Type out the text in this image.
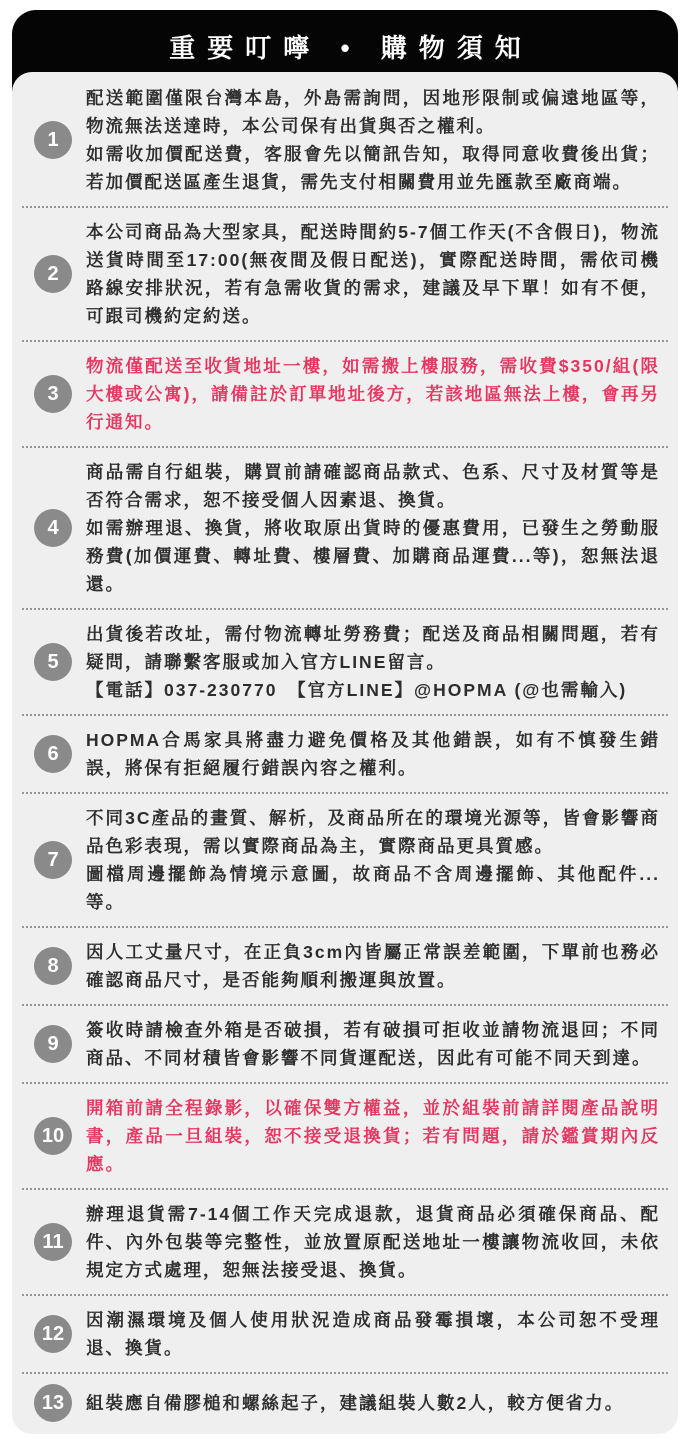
重要叮嚀 • 購物須知
1
配送範圍僅限台灣本島，外島需詢問，因地形限制或偏遠地區等，物流無法送達時，本公司保有出貨與否之權利。
如需收加價配送費，客服會先以簡訊告知，取得同意收費後出貨；若加價配送區產生退貨，需先支付相關費用並先匯款至廠商端。
2
本公司商品為大型家具，配送時間約5-7個工作天(不含假日)，物流送貨時間至17:00(無夜間及假日配送)，實際配送時間，需依司機路線安排狀況，若有急需收貨的需求，建議及早下單！如有不便，可跟司機約定約送。
3
物流僅配送至收貨地址一樓，如需搬上樓服務，需收費$350/組(限大樓或公寓)，請備註於訂單地址後方，若該地區無法上樓，會再另行通知。
4
商品需自行組裝，購買前請確認商品款式、色系、尺寸及材質等是否符合需求，恕不接受個人因素退、換貨。
如需辦理退、換貨，將收取原出貨時的優惠費用，已發生之勞動服務費(加價運費、轉址費、樓層費、加購商品運費...等)，恕無法退還。
5
出貨後若改址，需付物流轉址勞務費；配送及商品相關問題，若有疑問，請聯繫客服或加入官方LINE留言。
【電話】037-230770　【官方LINE】@HOPMA (@也需輸入)
6
HOPMA合馬家具將盡力避免價格及其他錯誤，如有不慎發生錯誤，將保有拒絕履行錯誤內容之權利。
7
不同3C產品的畫質、解析，及商品所在的環境光源等，皆會影響商品色彩表現，需以實際商品為主，實際商品更具質感。
圖檔周邊擺飾為情境示意圖，故商品不含周邊擺飾、其他配件...等。
8
因人工丈量尺寸，在正負3cm內皆屬正常誤差範圍，下單前也務必確認商品尺寸，是否能夠順利搬運與放置。
9
簽收時請檢查外箱是否破損，若有破損可拒收並請物流退回；不同商品、不同材積皆會影響不同貨運配送，因此有可能不同天到達。
10
開箱前請全程錄影，以確保雙方權益，並於組裝前請詳閱產品說明書，產品一旦組裝，恕不接受退換貨；若有問題，請於鑑賞期內反應。
11
辦理退貨需7-14個工作天完成退款，退貨商品必須確保商品、配件、內外包裝等完整性，並放置原配送地址一樓讓物流收回，未依規定方式處理，恕無法接受退、換貨。
12
因潮濕環境及個人使用狀況造成商品發霉損壞，本公司恕不受理退、換貨。
13	組裝應自備膠槌和螺絲起子，建議組裝人數2人，較方便省力。
